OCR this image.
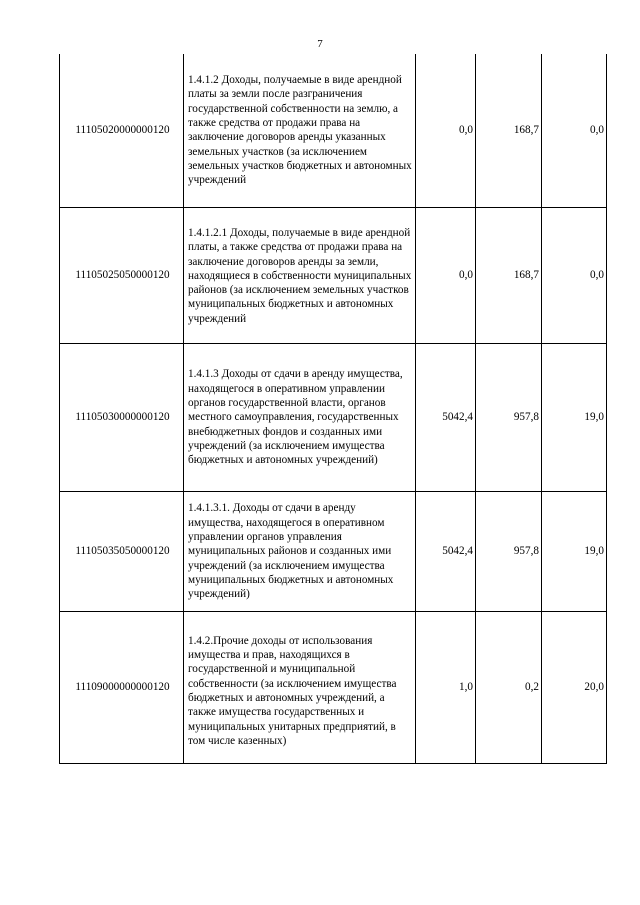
7
11105020000000120	1.4.1.2 Доходы, получаемые в виде арендной платы за земли после разграничения государственной собственности на землю, а также средства от продажи права на заключение договоров аренды указанных земельных участков (за исключением земельных участков бюджетных и автономных учреждений	0,0	168,7	0,0
11105025050000120	1.4.1.2.1 Доходы, получаемые в виде арендной платы, а также средства от продажи права на заключение договоров аренды за земли, находящиеся в собственности муниципальных районов (за исключением земельных участков муниципальных бюджетных и автономных учреждений	0,0	168,7	0,0
11105030000000120	1.4.1.3 Доходы от сдачи в аренду имущества, находящегося в оперативном управлении органов государственной власти, органов местного самоуправления, государственных внебюджетных фондов и созданных ими учреждений (за исключением имущества бюджетных и автономных учреждений)	5042,4	957,8	19,0
11105035050000120	1.4.1.3.1. Доходы от сдачи в аренду имущества, находящегося в оперативном управлении органов управления муниципальных районов и созданных ими учреждений (за исключением имущества муниципальных бюджетных и автономных учреждений)	5042,4	957,8	19,0
11109000000000120	1.4.2.Прочие доходы от использования имущества и прав, находящихся в государственной и муниципальной собственности (за исключением имущества бюджетных и автономных учреждений, а также имущества государственных и муниципальных унитарных предприятий, в том числе казенных)	1,0	0,2	20,0
